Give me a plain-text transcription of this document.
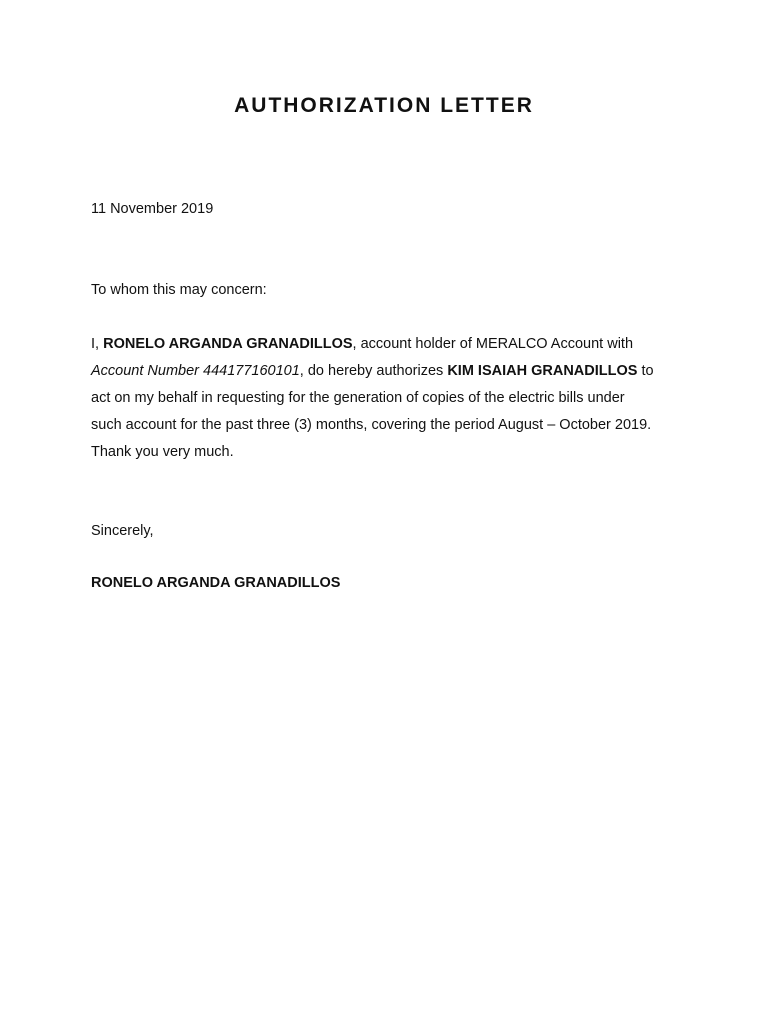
AUTHORIZATION LETTER
11 November 2019
To whom this may concern:
I, RONELO ARGANDA GRANADILLOS, account holder of MERALCO Account with
Account Number 444177160101, do hereby authorizes KIM ISAIAH GRANADILLOS to
act on my behalf in requesting for the generation of copies of the electric bills under
such account for the past three (3) months, covering the period August – October 2019.
Thank you very much.
Sincerely,
RONELO ARGANDA GRANADILLOS
